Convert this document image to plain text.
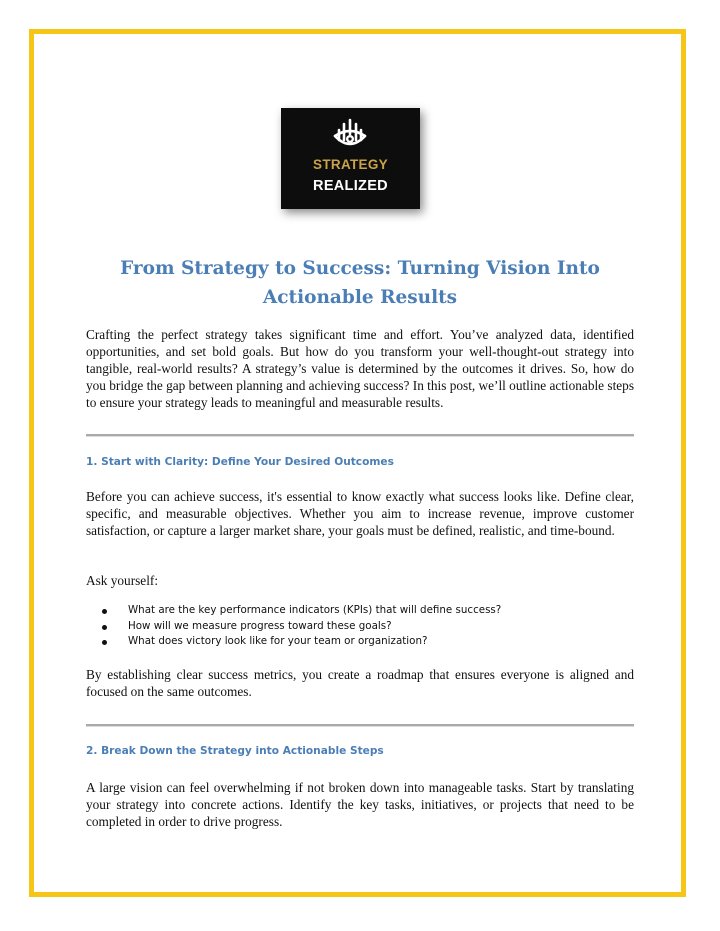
STRATEGY
REALIZED
From Strategy to Success: Turning Vision Into
Actionable Results

Crafting the perfect strategy takes significant time and effort. You’ve analyzed data, identified opportunities, and set bold goals. But how do you transform your well-thought-out strategy into tangible, real-world results? A strategy’s value is determined by the outcomes it drives. So, how do you bridge the gap between planning and achieving success? In this post, we’ll outline actionable steps to ensure your strategy leads to meaningful and measurable results.

1. Start with Clarity: Define Your Desired Outcomes

Before you can achieve success, it's essential to know exactly what success looks like. Define clear, specific, and measurable objectives. Whether you aim to increase revenue, improve customer satisfaction, or capture a larger market share, your goals must be defined, realistic, and time-bound.

Ask yourself:

What are the key performance indicators (KPIs) that will define success?
How will we measure progress toward these goals?
What does victory look like for your team or organization?

By establishing clear success metrics, you create a roadmap that ensures everyone is aligned and focused on the same outcomes.

2. Break Down the Strategy into Actionable Steps

A large vision can feel overwhelming if not broken down into manageable tasks. Start by translating your strategy into concrete actions. Identify the key tasks, initiatives, or projects that need to be completed in order to drive progress.
